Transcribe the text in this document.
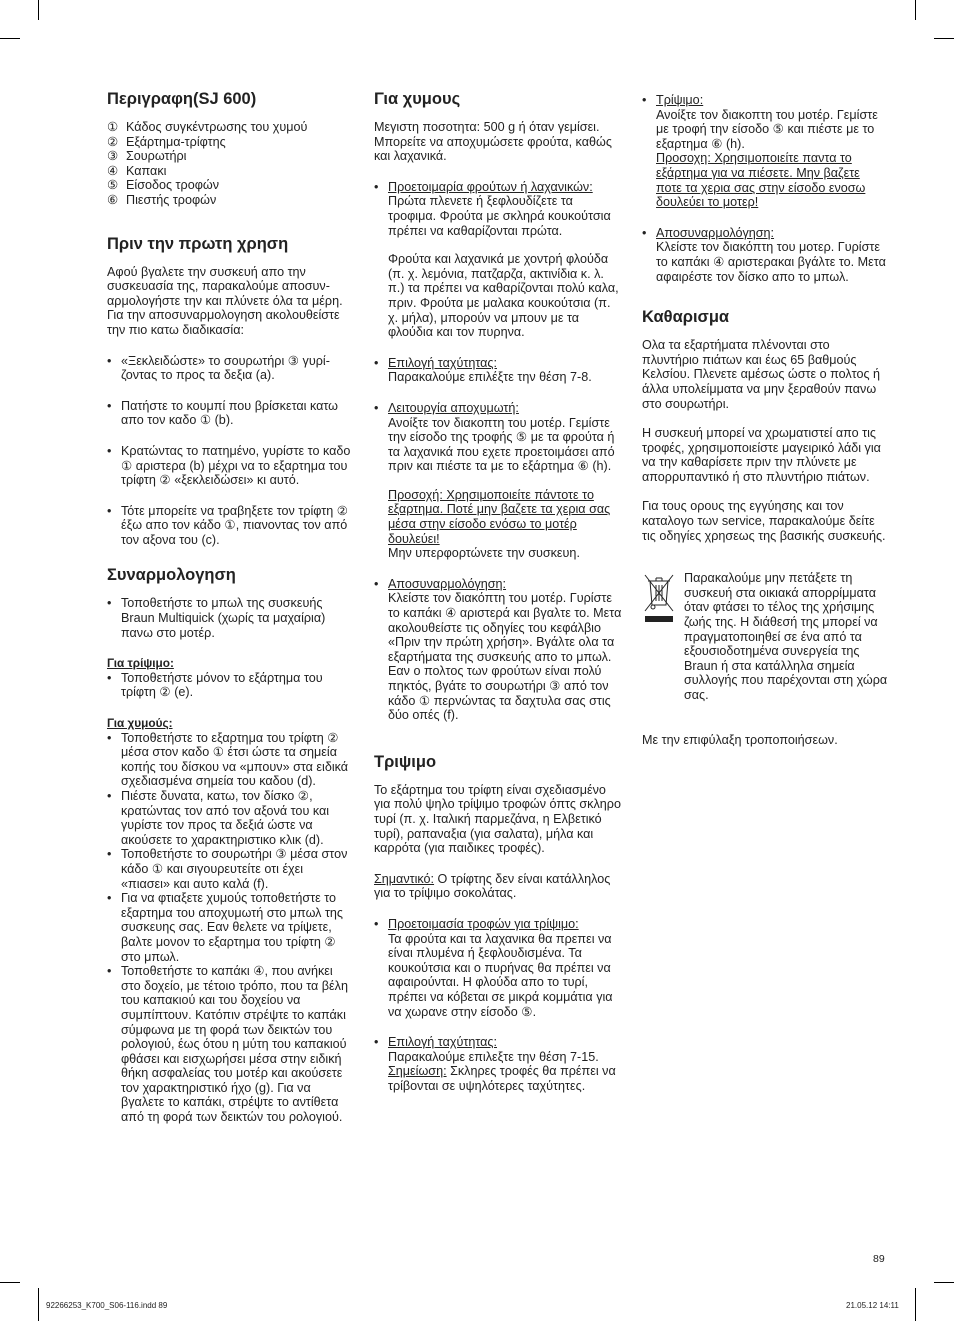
Περιγραφη(SJ 600)
① Κάδος συγκέντρωσης του χυμού
② Εξάρτημα-τρίφτης
③ Σουρωτήρι
④ Καπακι
⑤ Είσοδος τροφών
⑥ Πιεστής τροφών
Πριν την πρωτη χρηση

Αφού βγαλετε την συσκευή απο την συσκευασία της, παρακαλούμε αποσυναρμολογήστε την και πλύνετε όλα τα μέρη. Για την αποσυναρμολογηση ακολουθείστε την πιο κατω διαδικασία:

• «Ξεκλειδώστε» το σουρωτήρι ③ γυρίζοντας το προς τα δεξια (a).
• Πατήστε το κουμπί που βρίσκεται κατω απο τον καδο ① (b).
• Κρατώντας το πατημένο, γυρίστε το καδο ① αριστερα (b) μέχρι να το εξαρτημα του τρίφτη ② «ξεκλειδώσει» κι αυτό.
• Τότε μπορείτε να τραβηξετε τον τρίφτη ② έξω απο τον κάδο ①, πιανοντας τον από τον αξονα του (c).
Συναρμολογηση
• Τοποθετήστε το μπωλ της συσκευής Braun Multiquick (χωρίς τα μαχαίρια) πανω στο μοτέρ.
Για τρίψιμο:
• Τοποθετήστε μόνον το εξάρτημα του τρίφτη ② (e).
Για χυμούς:
• Τοποθετήστε το εξαρτημα του τρίφτη ② μέσα στον καδο ① έτσι ώστε τα σημεία κοπής του δίσκου να «μπουν» στα ειδικά σχεδιασμένα σημεία του καδου (d).
• Πιέστε δυνατα, κατω, τον δίσκο ②, κρατώντας τον από τον αξονά του και γυρίστε τον προς τα δεξιά ώστε να ακούσετε το χαρακτηριστικο κλικ (d).
• Τοποθετήστε το σουρωτήρι ③ μέσα στον κάδο ① και σιγουρευτείτε οτι έχει «πιασει» και αυτο καλά (f).
• Για να φτιαξετε χυμούς τοποθετήστε το εξαρτημα του αποχυμωτή στο μπωλ της συσκευης σας. Εαν θελετε να τρίψετε, βαλτε μονον το εξαρτημα του τρίφτη ② στο μπωλ.
• Τοποθετήστε το καπάκι ④, που ανήκει στο δοχείο, με τέτοιο τρόπο, που τα βέλη του καπακιού και του δοχείου να συμπίπτουν. Κατόπιν στρέψτε το καπάκι σύμφωνα με τη φορά των δεικτών του ρολογιού, έως ότου η μύτη του καπακιού φθάσει και εισχωρήσει μέσα στην ειδική θήκη ασφαλείας του μοτέρ και ακούσετε τον χαρακτηριστικό ήχο (g). Για να βγαλετε το καπάκι, στρέψτε το αντίθετα από τη φορά των δεικτών του ρολογιού.
Για χυμους

Μεγιστη ποσοτητα: 500 g ή όταν γεμίσει.

Μπορείτε να αποχυμώσετε φρούτα, καθώς και λαχανικά.

• Προετοιμαρία φρούτων ή λαχανικών:
Πρώτα πλενετε ή ξεφλουδίζετε τα τροφιμα. Φρούτα με σκληρά κουκούτσια πρέπει να καθαρίζονται πρώτα.

Φρούτα και λαχανικά με χοντρή φλούδα (π. χ. λεμόνια, πατζαρζα, ακτινίδια κ. λ. π.) τα πρέπει να καθαρίζονται πολύ καλα, πριν. Φρούτα με μαλακα κουκούτσια (π. χ. μήλα), μπορούν να μπουν με τα φλούδια και τον πυρηνα.

• Επιλογή ταχύτητας:
Παρακαλούμε επιλέξτε την θέση 7-8.
• Λειτουργία αποχυμωτή:
Ανοίξτε τον διακοπτη του μοτέρ. Γεμίστε την είσοδο της τροφής ⑤ με τα φρούτα ή τα λαχανικά που εχετε προετοιμάσει από πριν και πιέστε τα με το εξάρτημα ⑥ (h).

Προσοχή: Χρησιμοποιείτε πάντοτε το εξαρτημα. Ποτέ μην βαζετε τα χερια σας μέσα στην είσοδο ενόσω το μοτέρ δουλεύει!
Μην υπερφορτώνετε την συσκευη.

• Αποσυναρμολόγηση:
Κλείστε τον διακόπτη του μοτέρ. Γυρίστε το καπάκι ④ αριστερά και βγαλτε το. Μετα ακολουθείστε τις οδηγίες του κεφάλβιο «Πριν την πρώτη χρήση». Βγάλτε ολα τα εξαρτήματα της συσκευής απο το μπωλ. Εαν ο πολτος των φρούτων είναι πολύ πηκτός, βγάτε το σουρωτήρι ③ από τον κάδο ① περνώντας τα δαχτυλα σας στις δύο οπές (f).
Τριψιμο

Το εξάρτημα του τρίφτη είναι σχεδιασμένο για πολύ ψηλο τρίψιμο τροφών όπτς σκληρο τυρί (π. χ. Ιταλική παρμεζάνα, η Ελβετικό τυρί), ραπαναξια (για σαλατα), μήλα και καρρότα (για παιδικες τροφές).

Σημαντικό: Ο τρίφτης δεν είναι κατάλληλος για το τρίψιμο σοκολάτας.

• Προετοιμασία τροφών για τρίψιμο:
Τα φρούτα και τα λαχανικα θα πρεπει να είναι πλυμένα ή ξεφλουδισμένα. Τα κουκούτσια και ο πυρήνας θα πρέπει να αφαιρούνται. Η φλούδα απο το τυρί, πρέπει να κόβεται σε μικρά κομμάτια για να χωρανε στην είσοδο ⑤.
• Επιλογή ταχύτητας:
Παρακαλούμε επιλεξτε την θέση 7-15.
Σημείωση: Σκληρες τροφές θα πρέπει να τρίβονται σε υψηλότερες ταχύτητες.
• Τρίψιμο:
Ανοίξτε τον διακοπτη του μοτέρ. Γεμίστε με τροφή την είσοδο ⑤ και πιέστε με το εξαρτημα ⑥ (h).
Προσοχη: Χρησιμοποιείτε παντα το εξάρτημα για να πιέσετε. Μην βαζετε ποτε τα χερια σας στην είσοδο ενοσω δουλεύει το μοτερ!
• Αποσυναρμολόγηση:
Κλείστε τον διακόπτη του μοτερ. Γυρίστε το καπάκι ④ αριστερακαι βγάλτε το. Μετα αφαιρέστε τον δίσκο απο το μπωλ.
Καθαρισμα

Ολα τα εξαρτήματα πλένονται στο πλυντήριο πιάτων και έως 65 βαθμούς Κελσίου. Πλενετε αμέσως ώστε ο πολτος ή άλλα υπολείμματα να μην ξεραθούν πανω στο σουρωτήρι.

Η συσκευή μπορεί να χρωματιστεί απο τις τροφές, χρησιμοποιείστε μαγειρικό λάδι για να την καθαρίσετε πριν την πλύνετε με απορρυπαντικό ή στο πλυντήριο πιάτων.

Για τους ορους της εγγύησης και τον καταλογο των service, παρακαλούμε δείτε τις οδηγίες χρησεως της βασικής συσκευής.

Παρακαλούμε μην πετάξετε τη συσκευή στα οικιακά απορρίμματα όταν φτάσει το τέλος της χρήσιμης ζωής της. Η διάθεσή της μπορεί να πραγματοποιηθεί σε ένα από τα εξουσιοδοτημένα συνεργεία της Braun ή στα κατάλληλα σημεία συλλογής που παρέχονται στη χώρα σας.

Με την επιφύλαξη τροποποιήσεων.

89
92266253_K700_S06-116.indd 89	21.05.12 14:11
